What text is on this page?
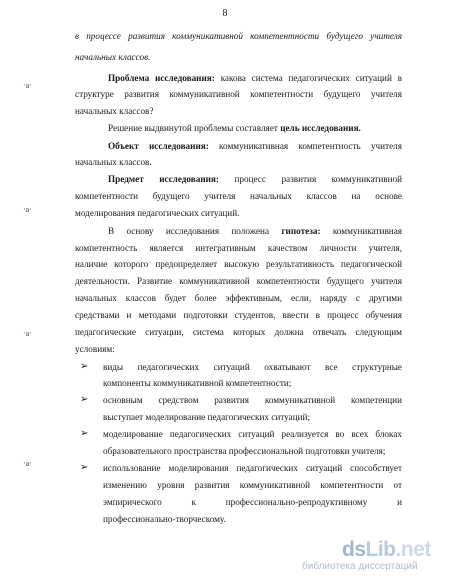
8
в процессе развития коммуникативной компетентности будущего учителя
начальных классов.
Проблема исследования: какова система педагогических ситуаций в
структуре развития коммуникативной компетентности будущего учителя
начальных классов?
Решение выдвинутой проблемы составляет цель исследования.
Объект исследования: коммуникативная компетентность учителя
начальных классов.
Предмет исследования: процесс развития коммуникативной
компетентности будущего учителя начальных классов на основе
моделирования педагогических ситуаций.
В основу исследования положена гипотеза: коммуникативная
компетентность является интегративным качеством личности учителя,
наличие которого предопределяет высокую результативность педагогической
деятельности. Развитие коммуникативной компетентности будущего учителя
начальных классов будет более эффективным, если, наряду с другими
средствами и методами подготовки студентов, ввести в процесс обучения
педагогические ситуации, система которых должна отвечать следующим
условиям:
➢ виды педагогических ситуаций охватывают все структурные
компоненты коммуникативной компетентности;
➢ основным средством развития коммуникативной компетенции
выступает моделирование педагогических ситуаций;
➢ моделирование педагогических ситуаций реализуется во всех блоках
образовательного пространства профессиональной подготовки учителя;
➢ использование моделирования педагогических ситуаций способствует
изменению уровня развития коммуникативной компетентности от
эмпирического к профессионально-репродуктивному и
профессионально-творческому.
·a·
·a·
·a·
·a·
dsLib.net
библиотека диссертаций
